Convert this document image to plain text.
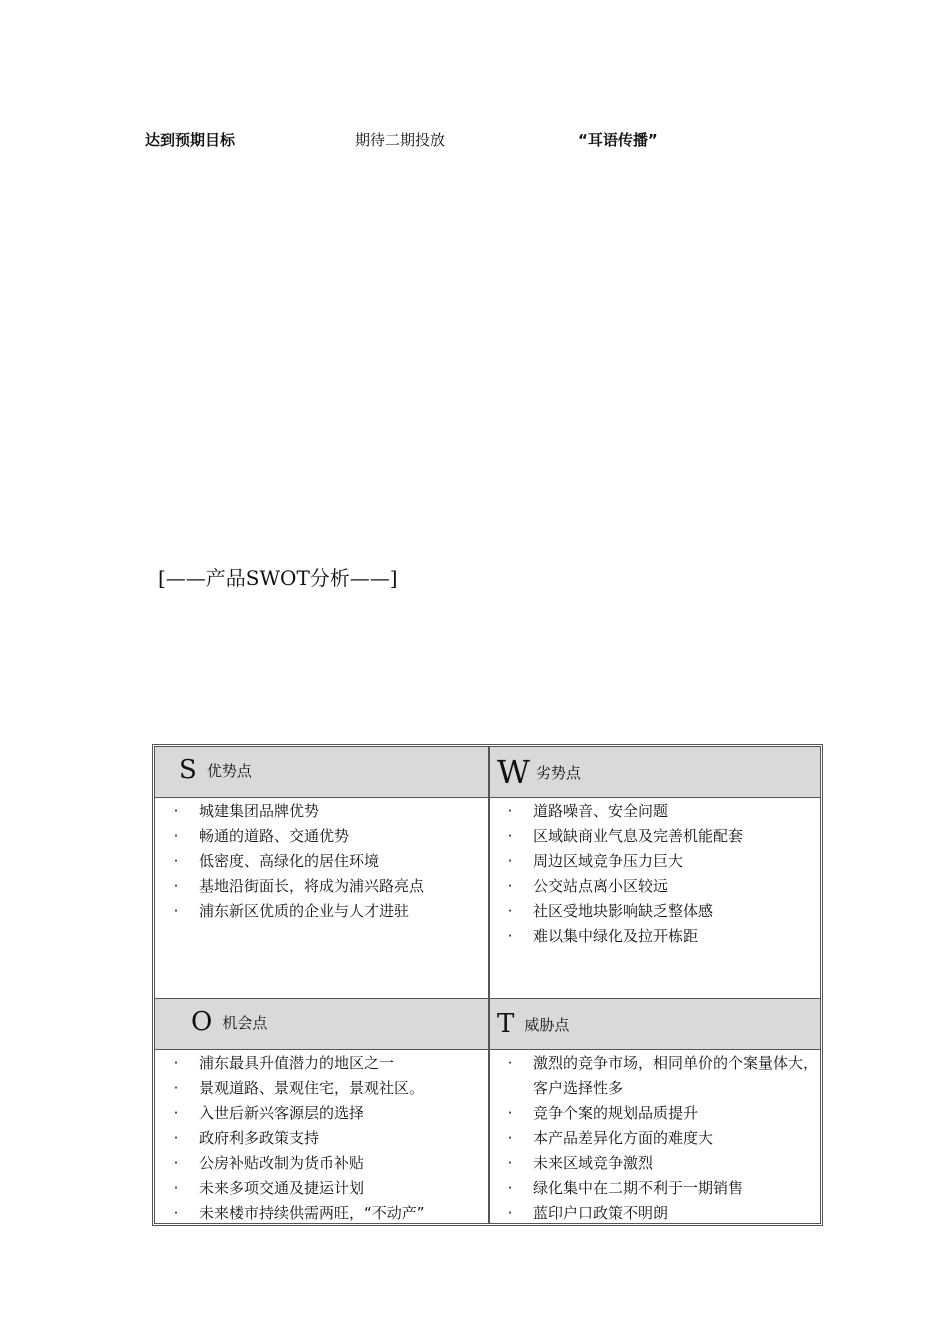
达到预期目标	期待二期投放	“耳语传播”
[——产品SWOT分析——]
S优势点
· 城建集团品牌优势
· 畅通的道路、交通优势
· 低密度、高绿化的居住环境
· 基地沿街面长，将成为浦兴路亮点
· 浦东新区优质的企业与人才进驻
W劣势点
· 道路噪音、安全问题
· 区域缺商业气息及完善机能配套
· 周边区域竞争压力巨大
· 公交站点离小区较远
· 社区受地块影响缺乏整体感
· 难以集中绿化及拉开栋距
O机会点
· 浦东最具升值潜力的地区之一
· 景观道路、景观住宅，景观社区。
· 入世后新兴客源层的选择
· 政府利多政策支持
· 公房补贴改制为货币补贴
· 未来多项交通及捷运计划
· 未来楼市持续供需两旺，“不动产”
T威胁点
· 激烈的竞争市场，相同单价的个案量体大，客户选择性多
· 竞争个案的规划品质提升
· 本产品差异化方面的难度大
· 未来区域竞争激烈
· 绿化集中在二期不利于一期销售
· 蓝印户口政策不明朗
